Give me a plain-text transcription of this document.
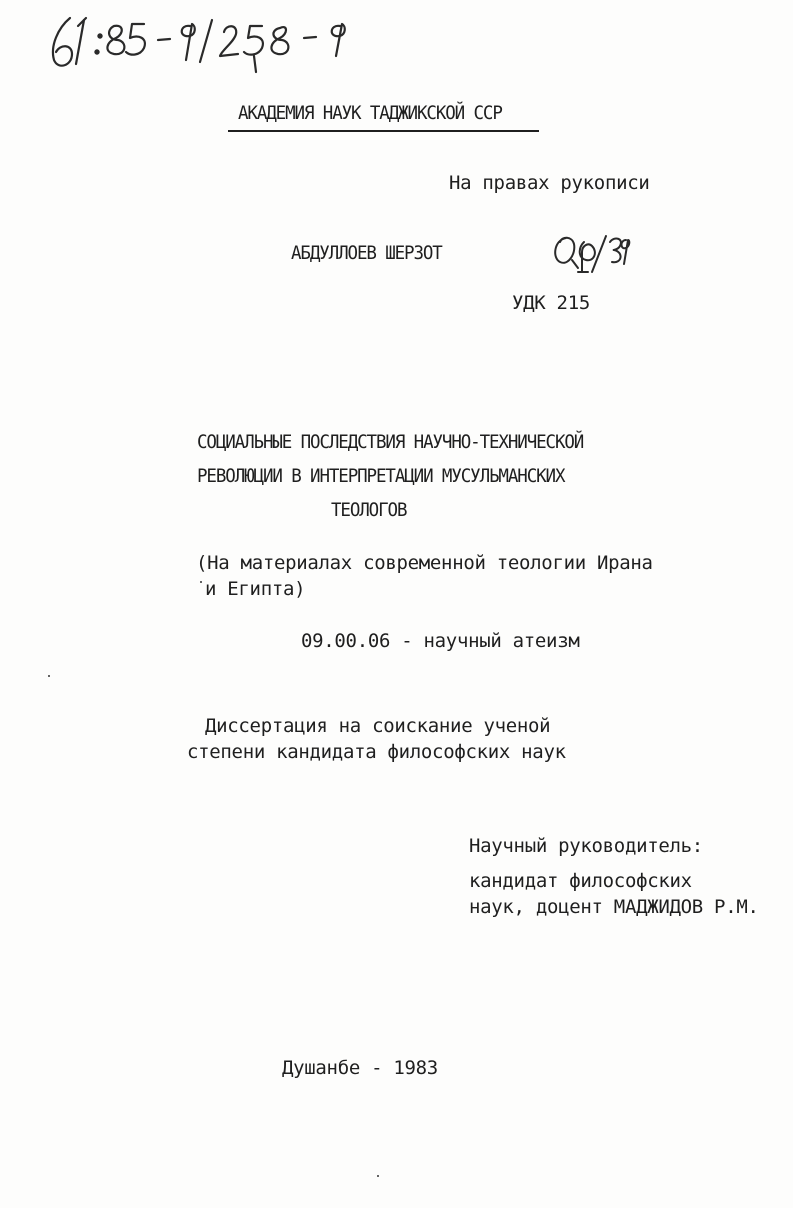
АКАДЕМИЯ НАУК ТАДЖИКСКОЙ ССР
На правах рукописи
АБДУЛЛОЕВ ШЕРЗОТ
УДК 215
СОЦИАЛЬНЫЕ ПОСЛЕДСТВИЯ НАУЧНО-ТЕХНИЧЕСКОЙ
РЕВОЛЮЦИИ В ИНТЕРПРЕТАЦИИ МУСУЛЬМАНСКИХ
ТЕОЛОГОВ
(На материалах современной теологии Ирана
и Египта)
09.00.06 - научный атеизм
Диссертация на соискание ученой
степени кандидата философских наук
Научный руководитель:
кандидат философских
наук, доцент МАДЖИДОВ Р.М.
Душанбе - 1983
